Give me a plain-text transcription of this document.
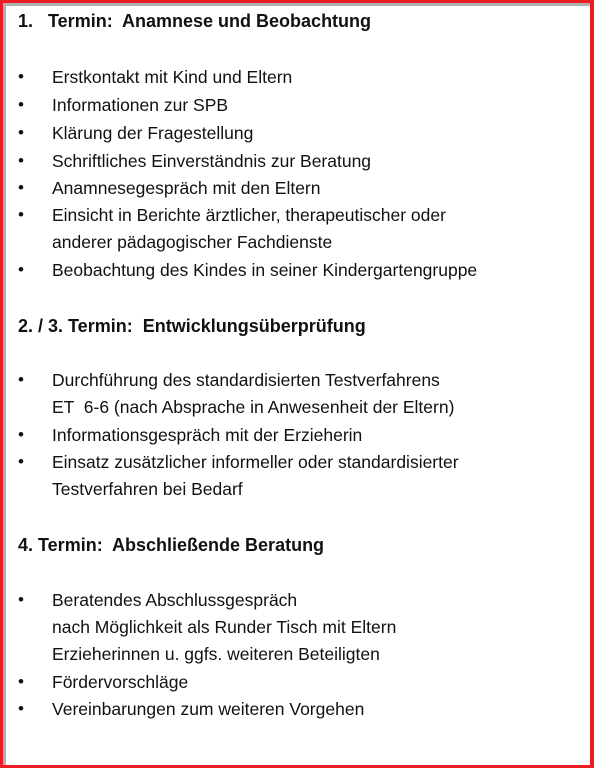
1.   Termin:  Anamnese und Beobachtung
• Erstkontakt mit Kind und Eltern
• Informationen zur SPB
• Klärung der Fragestellung
• Schriftliches Einverständnis zur Beratung
• Anamnesegespräch mit den Eltern
• Einsicht in Berichte ärztlicher, therapeutischer oder
anderer pädagogischer Fachdienste
• Beobachtung des Kindes in seiner Kindergartengruppe
2. / 3. Termin:  Entwicklungsüberprüfung
• Durchführung des standardisierten Testverfahrens
ET  6-6 (nach Absprache in Anwesenheit der Eltern)
• Informationsgespräch mit der Erzieherin
• Einsatz zusätzlicher informeller oder standardisierter
Testverfahren bei Bedarf
4. Termin:  Abschließende Beratung
• Beratendes Abschlussgespräch
nach Möglichkeit als Runder Tisch mit Eltern
Erzieherinnen u. ggfs. weiteren Beteiligten
• Fördervorschläge
• Vereinbarungen zum weiteren Vorgehen
